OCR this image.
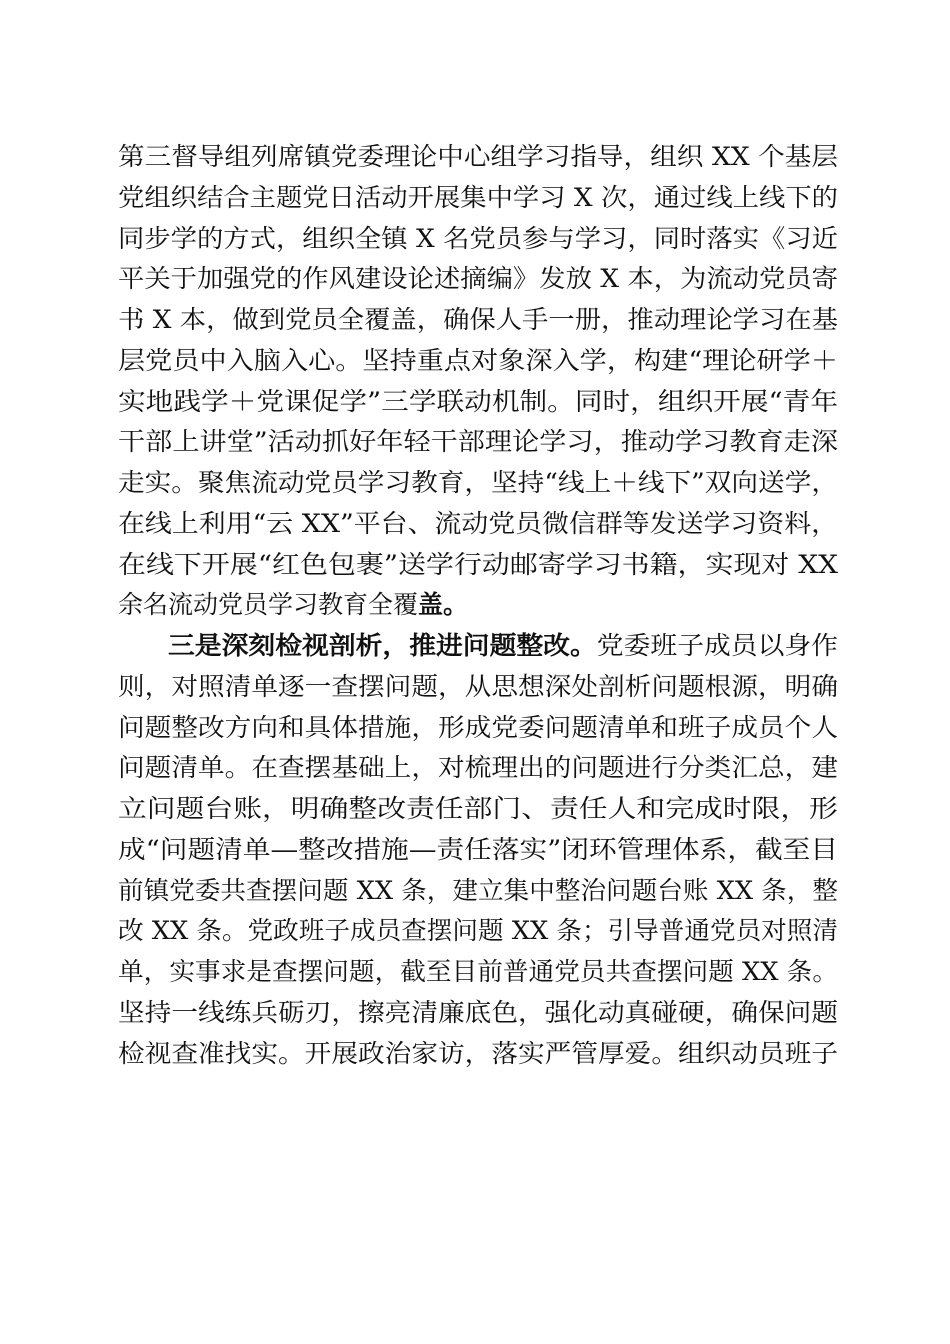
第三督导组列席镇党委理论中心组学习指导，组织 XX 个基层
党组织结合主题党日活动开展集中学习 X 次，通过线上线下的
同步学的方式，组织全镇 X 名党员参与学习，同时落实《习近
平关于加强党的作风建设论述摘编》发放 X 本，为流动党员寄
书 X 本，做到党员全覆盖，确保人手一册，推动理论学习在基
层党员中入脑入心。坚持重点对象深入学，构建“理论研学＋
实地践学＋党课促学”三学联动机制。同时，组织开展“青年
干部上讲堂”活动抓好年轻干部理论学习，推动学习教育走深
走实。聚焦流动党员学习教育，坚持“线上＋线下”双向送学，
在线上利用“云 XX”平台、流动党员微信群等发送学习资料，
在线下开展“红色包裹”送学行动邮寄学习书籍，实现对 XX
余名流动党员学习教育全覆盖。
三是深刻检视剖析，推进问题整改。党委班子成员以身作
则，对照清单逐一查摆问题，从思想深处剖析问题根源，明确
问题整改方向和具体措施，形成党委问题清单和班子成员个人
问题清单。在查摆基础上，对梳理出的问题进行分类汇总，建
立问题台账，明确整改责任部门、责任人和完成时限，形
成“问题清单—整改措施—责任落实”闭环管理体系，截至目
前镇党委共查摆问题 XX 条，建立集中整治问题台账 XX 条，整
改 XX 条。党政班子成员查摆问题 XX 条；引导普通党员对照清
单，实事求是查摆问题，截至目前普通党员共查摆问题 XX 条。
坚持一线练兵砺刃，擦亮清廉底色，强化动真碰硬，确保问题
检视查准找实。开展政治家访，落实严管厚爱。组织动员班子
